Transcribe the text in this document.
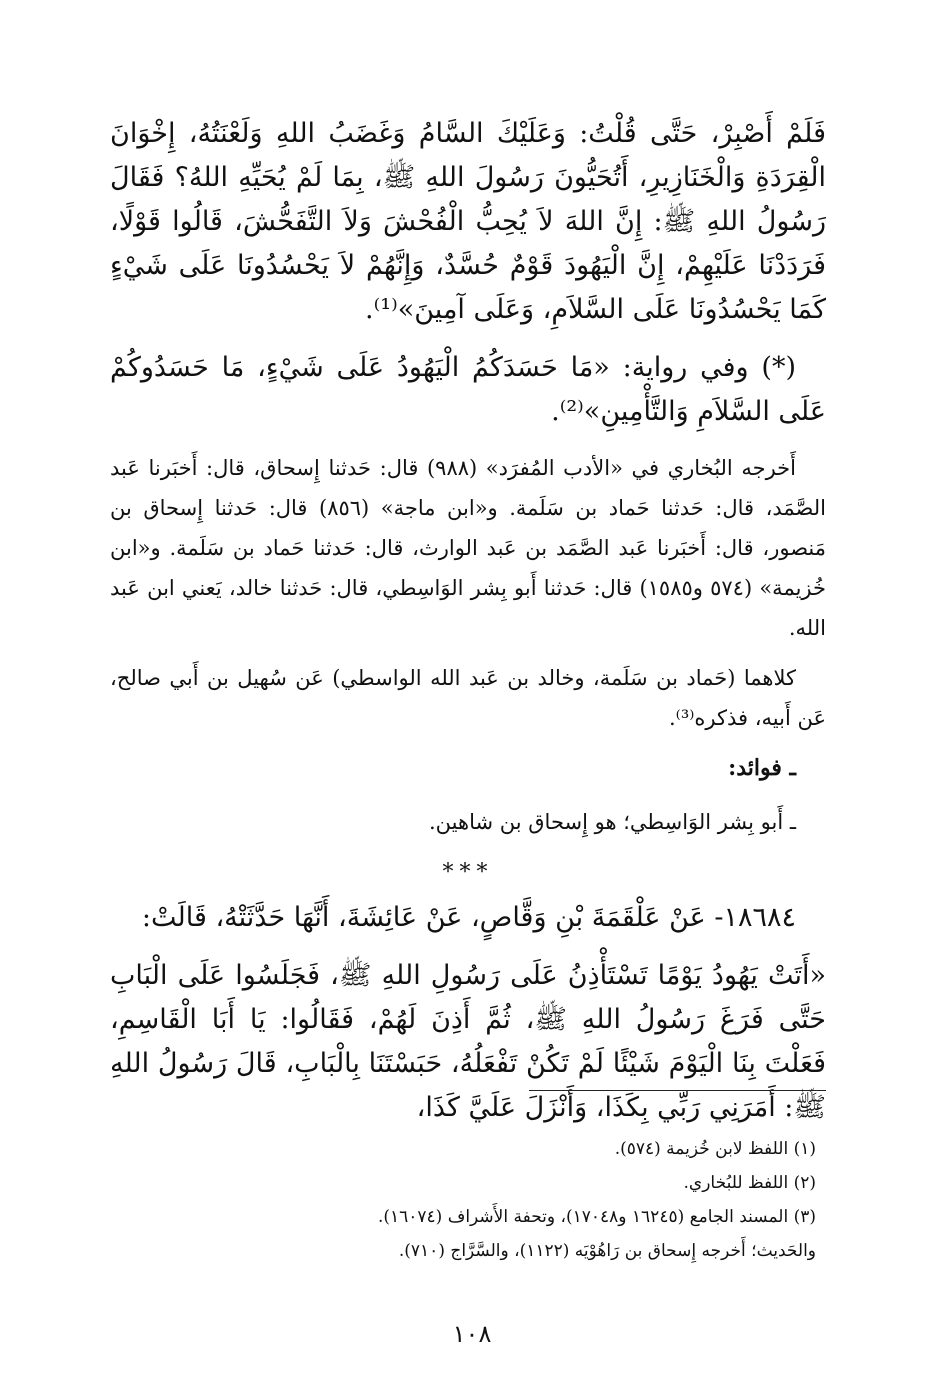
فَلَمْ أَصْبِرْ، حَتَّى قُلْتُ: وَعَلَيْكَ السَّامُ وَغَضَبُ اللهِ وَلَعْنَتُهُ، إِخْوَانَ الْقِرَدَةِ وَالْخَنَازِيرِ، أَتُحَيُّونَ رَسُولَ اللهِ ﷺ، بِمَا لَمْ يُحَيِّهِ اللهُ؟ فَقَالَ رَسُولُ اللهِ ﷺ: إِنَّ اللهَ لاَ يُحِبُّ الْفُحْشَ وَلاَ التَّفَحُّشَ، قَالُوا قَوْلًا، فَرَدَدْنَا عَلَيْهِمْ، إِنَّ الْيَهُودَ قَوْمٌ حُسَّدٌ، وَإِنَّهُمْ لاَ يَحْسُدُونَا عَلَى شَيْءٍ كَمَا يَحْسُدُونَا عَلَى السَّلاَمِ، وَعَلَى آمِينَ»⁽¹⁾.

(*) وفي رواية: «مَا حَسَدَكُمُ الْيَهُودُ عَلَى شَيْءٍ، مَا حَسَدُوكُمْ عَلَى السَّلاَمِ وَالتَّأْمِينِ»⁽²⁾.

أَخرجه البُخاري في «الأدب المُفرَد» (٩٨٨) قال: حَدثنا إِسحاق، قال: أَخبَرنا عَبد الصَّمَد، قال: حَدثنا حَماد بن سَلَمة. و«ابن ماجة» (٨٥٦) قال: حَدثنا إِسحاق بن مَنصور، قال: أَخبَرنا عَبد الصَّمَد بن عَبد الوارث، قال: حَدثنا حَماد بن سَلَمة. و«ابن خُزيمة» (٥٧٤ و١٥٨٥) قال: حَدثنا أَبو بِشر الوَاسِطي، قال: حَدثنا خالد، يَعني ابن عَبد الله.

كلاهما (حَماد بن سَلَمة، وخالد بن عَبد الله الواسطي) عَن سُهيل بن أَبي صالح، عَن أَبيه، فذكره⁽³⁾.

ـ فوائد:

ـ أَبو بِشر الوَاسِطي؛ هو إِسحاق بن شاهين.

***

١٨٦٨٤- عَنْ عَلْقَمَةَ بْنِ وَقَّاصٍ، عَنْ عَائِشَةَ، أَنَّهَا حَدَّثَتْهُ، قَالَتْ:

«أَتَتْ يَهُودُ يَوْمًا تَسْتَأْذِنُ عَلَى رَسُولِ اللهِ ﷺ، فَجَلَسُوا عَلَى الْبَابِ حَتَّى فَرَغَ رَسُولُ اللهِ ﷺ، ثُمَّ أَذِنَ لَهُمْ، فَقَالُوا: يَا أَبَا الْقَاسِمِ، فَعَلْتَ بِنَا الْيَوْمَ شَيْئًا لَمْ تَكُنْ تَفْعَلُهُ، حَبَسْتَنَا بِالْبَابِ، قَالَ رَسُولُ اللهِ ﷺ: أَمَرَنِي رَبِّي بِكَذَا، وَأَنْزَلَ عَلَيَّ كَذَا،

(١) اللفظ لابن خُزيمة (٥٧٤).

(٢) اللفظ للبُخاري.

(٣) المسند الجامع (١٦٢٤٥ و١٧٠٤٨)، وتحفة الأَشراف (١٦٠٧٤).

والحَديث؛ أَخرجه إِسحاق بن رَاهُوْيَه (١١٢٢)، والسَّرَّاج (٧١٠).

١٠٨
